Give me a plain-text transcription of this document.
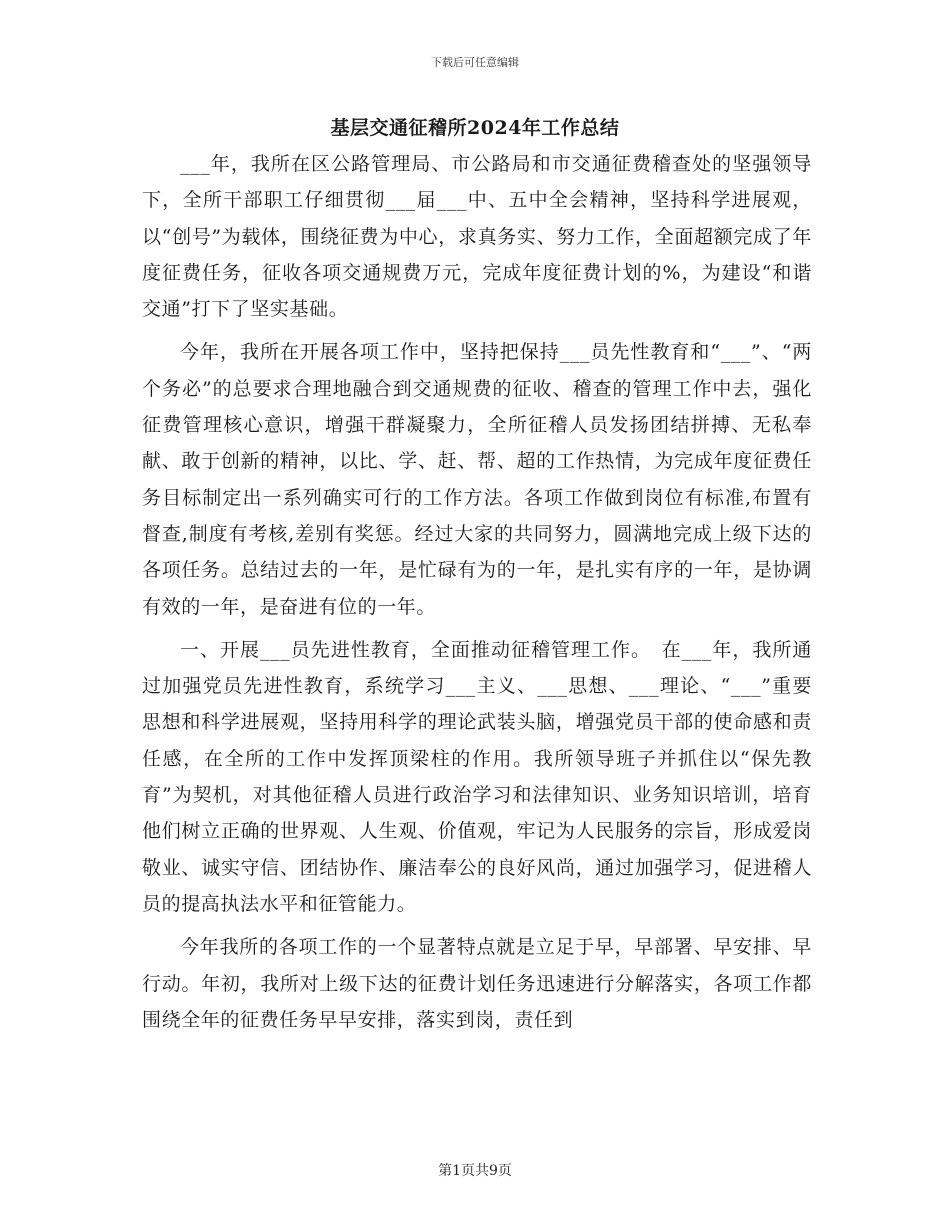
下载后可任意编辑
基层交通征稽所2024年工作总结

___年，我所在区公路管理局、市公路局和市交通征费稽查处的坚强领导下，全所干部职工仔细贯彻___届___中、五中全会精神，坚持科学进展观，以“创号”为载体，围绕征费为中心，求真务实、努力工作，全面超额完成了年度征费任务，征收各项交通规费万元，完成年度征费计划的%，为建设“和谐交通”打下了坚实基础。

今年，我所在开展各项工作中，坚持把保持___员先性教育和“___”、“两个务必”的总要求合理地融合到交通规费的征收、稽查的管理工作中去，强化征费管理核心意识，增强干群凝聚力，全所征稽人员发扬团结拼搏、无私奉献、敢于创新的精神，以比、学、赶、帮、超的工作热情，为完成年度征费任务目标制定出一系列确实可行的工作方法。各项工作做到岗位有标准,布置有督查,制度有考核,差别有奖惩。经过大家的共同努力，圆满地完成上级下达的各项任务。总结过去的一年，是忙碌有为的一年，是扎实有序的一年，是协调有效的一年，是奋进有位的一年。

一、开展___员先进性教育，全面推动征稽管理工作。　在___年，我所通过加强党员先进性教育，系统学习___主义、___思想、___理论、“___”重要思想和科学进展观，坚持用科学的理论武装头脑，增强党员干部的使命感和责任感，在全所的工作中发挥顶梁柱的作用。我所领导班子并抓住以“保先教育”为契机，对其他征稽人员进行政治学习和法律知识、业务知识培训，培育他们树立正确的世界观、人生观、价值观，牢记为人民服务的宗旨，形成爱岗敬业、诚实守信、团结协作、廉洁奉公的良好风尚，通过加强学习，促进稽人员的提高执法水平和征管能力。

今年我所的各项工作的一个显著特点就是立足于早，早部署、早安排、早行动。年初，我所对上级下达的征费计划任务迅速进行分解落实，各项工作都围绕全年的征费任务早早安排，落实到岗，责任到

第1页共9页
